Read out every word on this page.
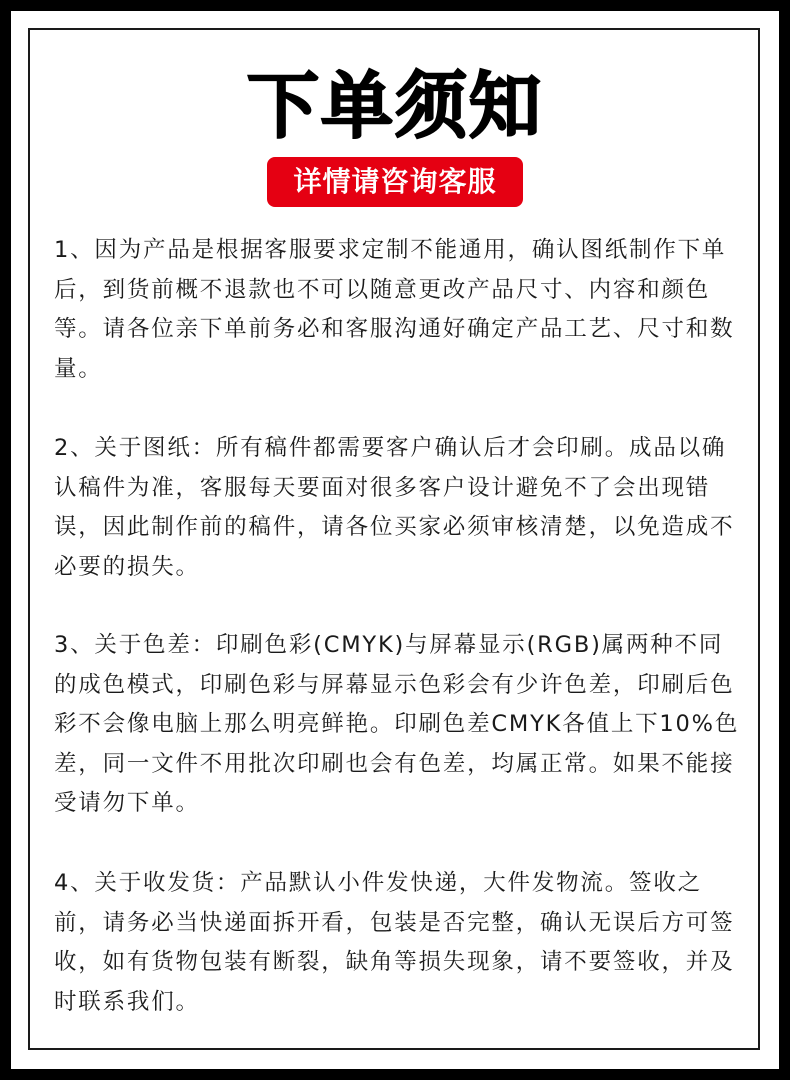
下单须知
详情请咨询客服
1、因为产品是根据客服要求定制不能通用，确认图纸制作下单后，到货前概不退款也不可以随意更改产品尺寸、内容和颜色等。请各位亲下单前务必和客服沟通好确定产品工艺、尺寸和数量。
2、关于图纸：所有稿件都需要客户确认后才会印刷。成品以确认稿件为准，客服每天要面对很多客户设计避免不了会出现错误，因此制作前的稿件，请各位买家必须审核清楚，以免造成不必要的损失。
3、关于色差：印刷色彩(CMYK)与屏幕显示(RGB)属两种不同的成色模式，印刷色彩与屏幕显示色彩会有少许色差，印刷后色彩不会像电脑上那么明亮鲜艳。印刷色差CMYK各值上下10%色差，同一文件不用批次印刷也会有色差，均属正常。如果不能接受请勿下单。
4、关于收发货：产品默认小件发快递，大件发物流。签收之前，请务必当快递面拆开看，包装是否完整，确认无误后方可签收，如有货物包装有断裂，缺角等损失现象，请不要签收，并及时联系我们。
